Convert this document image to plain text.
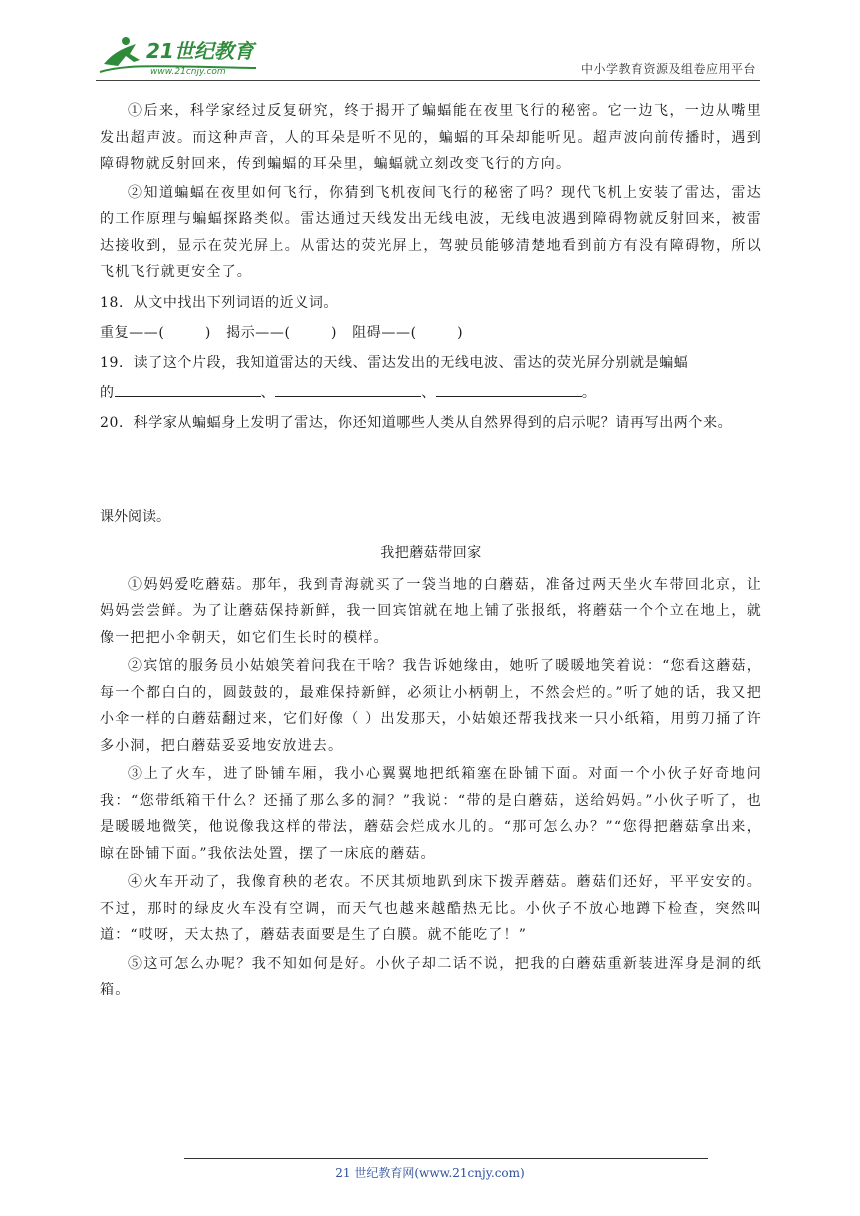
21世纪教育
www.21cnjy.com	中小学教育资源及组卷应用平台

①后来，科学家经过反复研究，终于揭开了蝙蝠能在夜里飞行的秘密。它一边飞，一边从嘴里发出超声波。而这种声音，人的耳朵是听不见的，蝙蝠的耳朵却能听见。超声波向前传播时，遇到障碍物就反射回来，传到蝙蝠的耳朵里，蝙蝠就立刻改变飞行的方向。

②知道蝙蝠在夜里如何飞行，你猜到飞机夜间飞行的秘密了吗？现代飞机上安装了雷达，雷达的工作原理与蝙蝠探路类似。雷达通过天线发出无线电波，无线电波遇到障碍物就反射回来，被雷达接收到，显示在荧光屏上。从雷达的荧光屏上，驾驶员能够清楚地看到前方有没有障碍物，所以飞机飞行就更安全了。

18．从文中找出下列词语的近义词。

重复——(	) 揭示——(	) 阻碍——(	)

19．读了这个片段，我知道雷达的天线、雷达发出的无线电波、雷达的荧光屏分别就是蝙蝠

的	、	、	。

20．科学家从蝙蝠身上发明了雷达，你还知道哪些人类从自然界得到的启示呢？请再写出两个来。

课外阅读。

我把蘑菇带回家

①妈妈爱吃蘑菇。那年，我到青海就买了一袋当地的白蘑菇，准备过两天坐火车带回北京，让妈妈尝尝鲜。为了让蘑菇保持新鲜，我一回宾馆就在地上铺了张报纸，将蘑菇一个个立在地上，就像一把把小伞朝天，如它们生长时的模样。

②宾馆的服务员小姑娘笑着问我在干啥？我告诉她缘由，她听了暖暖地笑着说：“您看这蘑菇，每一个都白白的，圆鼓鼓的，最难保持新鲜，必须让小柄朝上，不然会烂的。”听了她的话，我又把小伞一样的白蘑菇翻过来，它们好像（ ）出发那天，小姑娘还帮我找来一只小纸箱，用剪刀捅了许多小洞，把白蘑菇妥妥地安放进去。

③上了火车，进了卧铺车厢，我小心翼翼地把纸箱塞在卧铺下面。对面一个小伙子好奇地问我：“您带纸箱干什么？还捅了那么多的洞？”我说：“带的是白蘑菇，送给妈妈。”小伙子听了，也是暖暖地微笑，他说像我这样的带法，蘑菇会烂成水儿的。“那可怎么办？”“您得把蘑菇拿出来，晾在卧铺下面。”我依法处置，摆了一床底的蘑菇。

④火车开动了，我像育秧的老农。不厌其烦地趴到床下拨弄蘑菇。蘑菇们还好，平平安安的。不过，那时的绿皮火车没有空调，而天气也越来越酷热无比。小伙子不放心地蹲下检查，突然叫道：“哎呀，天太热了，蘑菇表面要是生了白膜。就不能吃了！”

⑤这可怎么办呢？我不知如何是好。小伙子却二话不说，把我的白蘑菇重新装进浑身是洞的纸箱。

21 世纪教育网(www.21cnjy.com)
